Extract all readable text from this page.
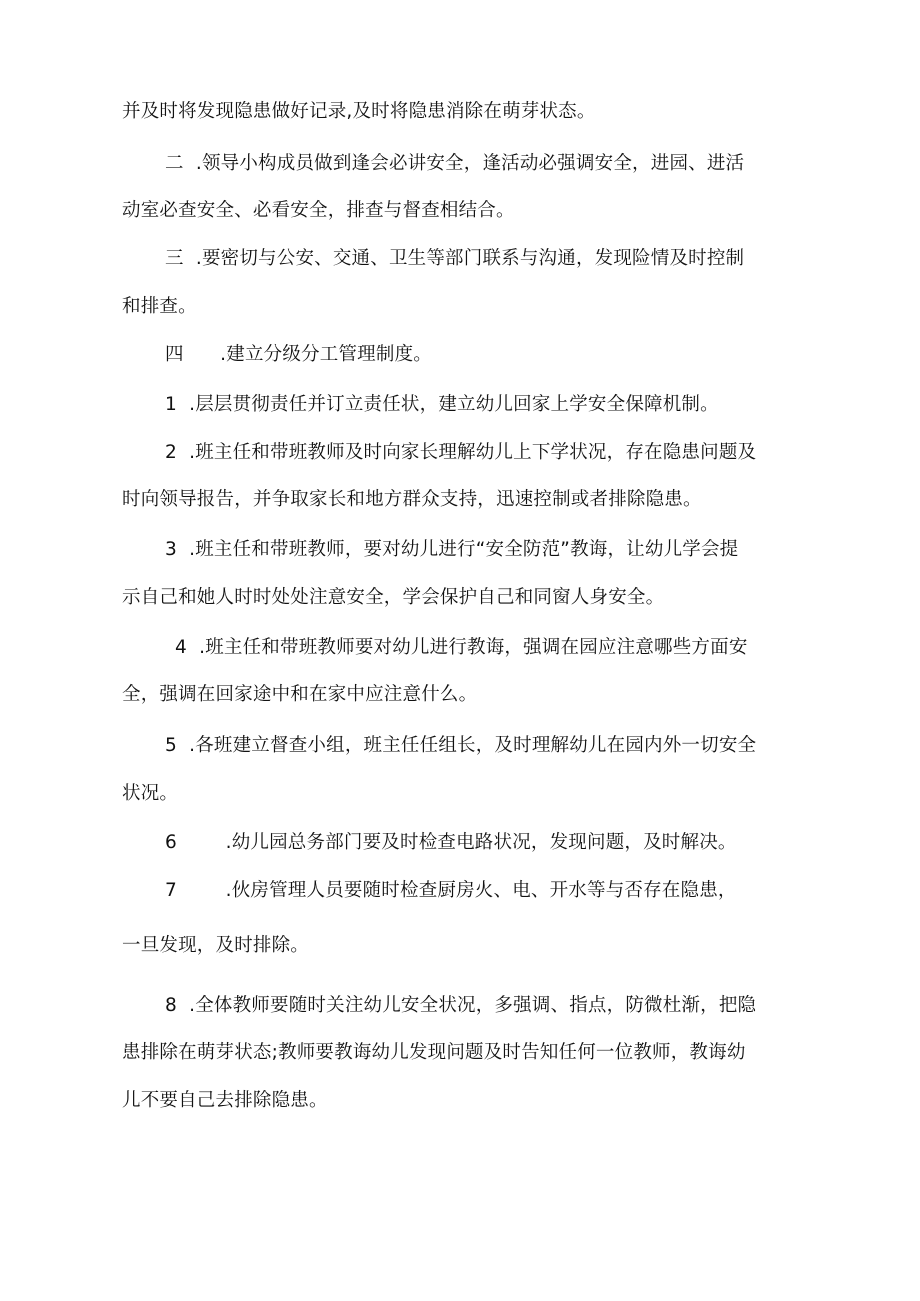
并及时将发现隐患做好记录,及时将隐患消除在萌芽状态。
二  .领导小构成员做到逢会必讲安全，逢活动必强调安全，进园、进活
动室必查安全、必看安全，排查与督查相结合。
三  .要密切与公安、交通、卫生等部门联系与沟通，发现险情及时控制
和排查。
四      .建立分级分工管理制度。
1  .层层贯彻责任并订立责任状，建立幼儿回家上学安全保障机制。
2  .班主任和带班教师及时向家长理解幼儿上下学状况，存在隐患问题及
时向领导报告，并争取家长和地方群众支持，迅速控制或者排除隐患。
3  .班主任和带班教师，要对幼儿进行“安全防范”教诲，让幼儿学会提
示自己和她人时时处处注意安全，学会保护自己和同窗人身安全。
4  .班主任和带班教师要对幼儿进行教诲，强调在园应注意哪些方面安
全，强调在回家途中和在家中应注意什么。
5  .各班建立督查小组，班主任任组长，及时理解幼儿在园内外一切安全
状况。
6        .幼儿园总务部门要及时检查电路状况，发现问题，及时解决。
7        .伙房管理人员要随时检查厨房火、电、开水等与否存在隐患，
一旦发现，及时排除。
8  .全体教师要随时关注幼儿安全状况，多强调、指点，防微杜渐，把隐
患排除在萌芽状态;教师要教诲幼儿发现问题及时告知任何一位教师，教诲幼
儿不要自己去排除隐患。
